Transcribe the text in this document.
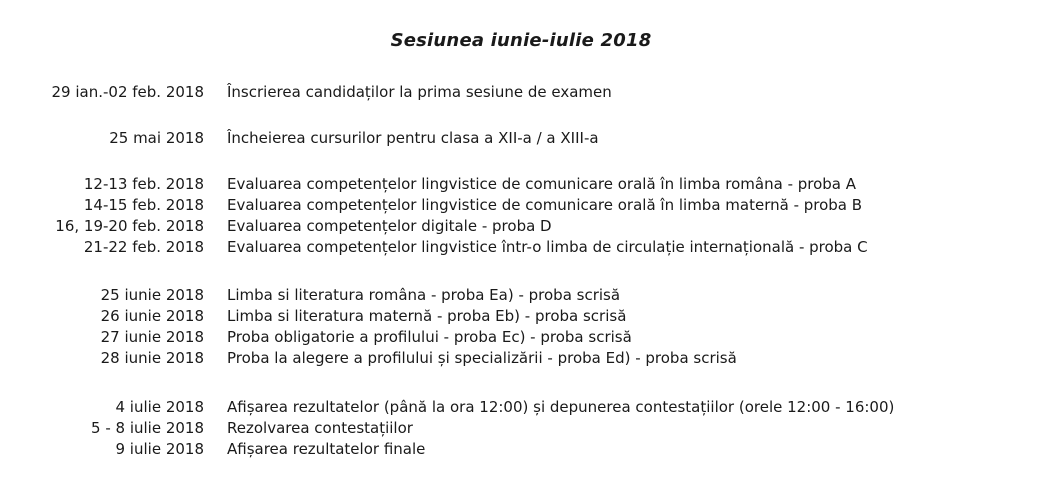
Sesiunea iunie-iulie 2018
29 ian.-02 feb. 2018 Înscrierea candidaților la prima sesiune de examen
25 mai 2018 Încheierea cursurilor pentru clasa a XII-a / a XIII-a
12-13 feb. 2018 Evaluarea competențelor lingvistice de comunicare orală în limba româna - proba A
14-15 feb. 2018 Evaluarea competențelor lingvistice de comunicare orală în limba maternă - proba B
16, 19-20 feb. 2018 Evaluarea competențelor digitale - proba D
21-22 feb. 2018 Evaluarea competențelor lingvistice într-o limba de circulație internațională - proba C
25 iunie 2018 Limba si literatura româna - proba Ea) - proba scrisă
26 iunie 2018 Limba si literatura maternă - proba Eb) - proba scrisă
27 iunie 2018 Proba obligatorie a profilului - proba Ec) - proba scrisă
28 iunie 2018 Proba la alegere a profilului și specializării - proba Ed) - proba scrisă
4 iulie 2018 Afișarea rezultatelor (până la ora 12:00) și depunerea contestațiilor (orele 12:00 - 16:00)
5 - 8 iulie 2018 Rezolvarea contestațiilor
9 iulie 2018 Afișarea rezultatelor finale
